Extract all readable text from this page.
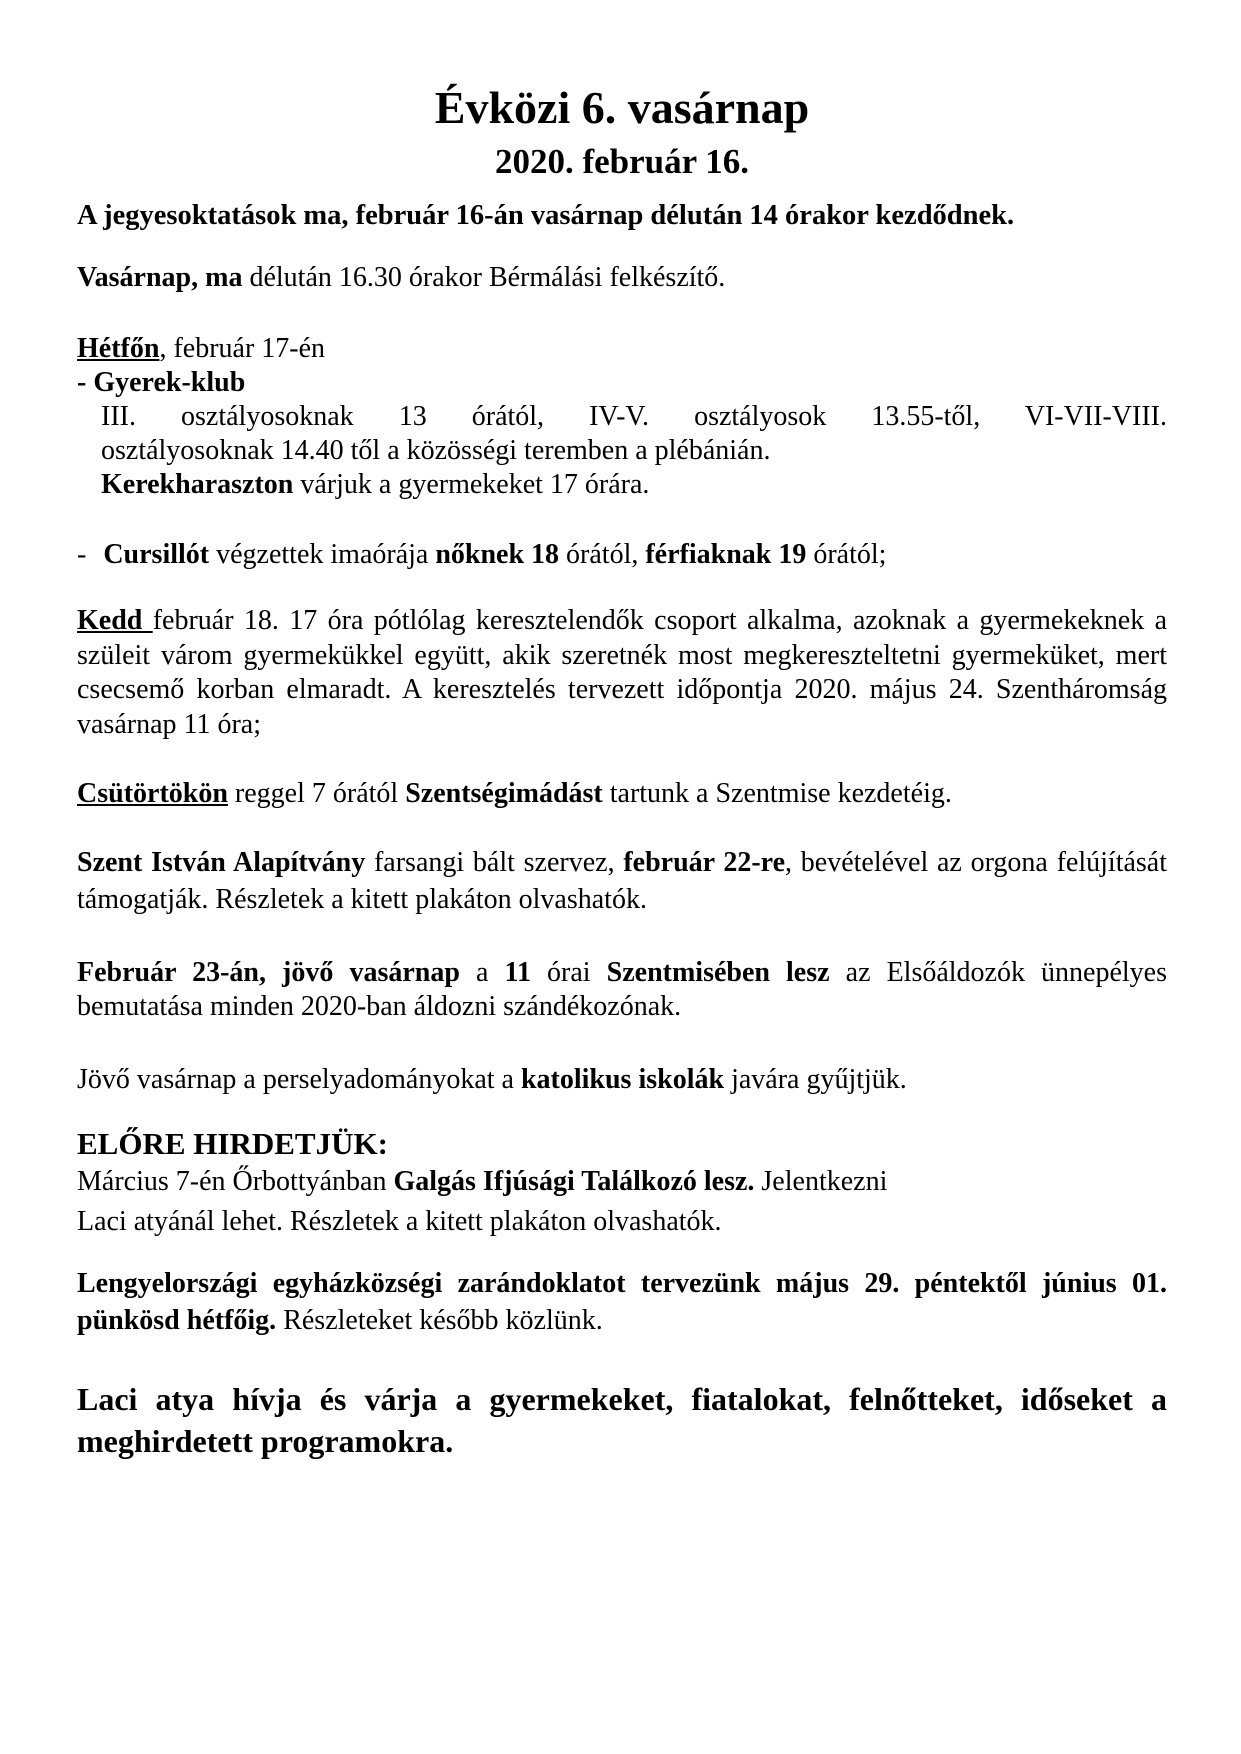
Évközi 6. vasárnap
2020. február 16.

A jegyesoktatások ma, február 16-án vasárnap délután 14 órakor kezdődnek.

Vasárnap, ma délután 16.30 órakor Bérmálási felkészítő.

Hétfőn, február 17-én

- Gyerek-klub

III. osztályosoknak 13 órától, IV-V. osztályosok 13.55-től, VI-VII-VIII.

osztályosoknak 14.40 től a közösségi teremben a plébánián.

Kerekharaszton várjuk a gyermekeket 17 órára.

- Cursillót végzettek imaórája nőknek 18 órától, férfiaknak 19 órától;

Kedd február 18. 17 óra pótlólag keresztelendők csoport alkalma, azoknak a gyermekeknek a szüleit várom gyermekükkel együtt, akik szeretnék most megkereszteltetni gyermeküket, mert csecsemő korban elmaradt. A keresztelés tervezett időpontja 2020. május 24. Szentháromság vasárnap 11 óra;

Csütörtökön reggel 7 órától Szentségimádást tartunk a Szentmise kezdetéig.

Szent István Alapítvány farsangi bált szervez, február 22-re, bevételével az orgona felújítását támogatják. Részletek a kitett plakáton olvashatók.

Február 23-án, jövő vasárnap a 11 órai Szentmisében lesz az Elsőáldozók ünnepélyes bemutatása minden 2020-ban áldozni szándékozónak.

Jövő vasárnap a perselyadományokat a katolikus iskolák javára gyűjtjük.

ELŐRE HIRDETJÜK:

Március 7-én Őrbottyánban Galgás Ifjúsági Találkozó lesz. Jelentkezni

Laci atyánál lehet. Részletek a kitett plakáton olvashatók.

Lengyelországi egyházközségi zarándoklatot tervezünk május 29. péntektől június 01. pünkösd hétfőig. Részleteket később közlünk.

Laci atya hívja és várja a gyermekeket, fiatalokat, felnőtteket, időseket a meghirdetett programokra.
